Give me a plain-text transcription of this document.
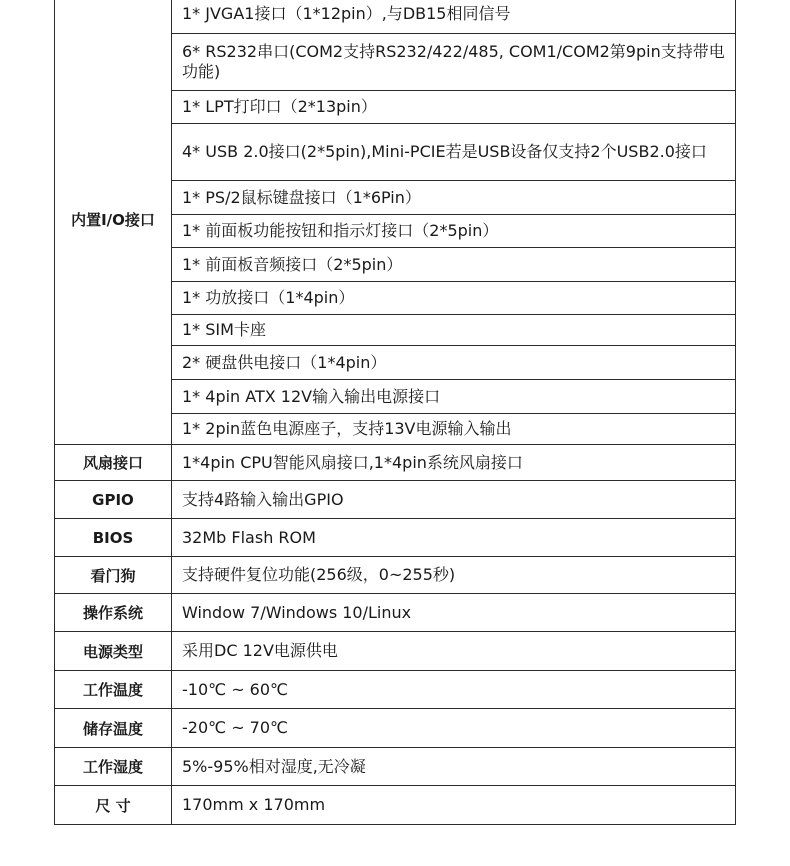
内置I/O接口	1* JVGA1接口（1*12pin）,与DB15相同信号
	6* RS232串口(COM2支持RS232/422/485, COM1/COM2第9pin支持带电功能)
	1* LPT打印口（2*13pin）
	4* USB 2.0接口(2*5pin),Mini-PCIE若是USB设备仅支持2个USB2.0接口
	1* PS/2鼠标键盘接口（1*6Pin）
	1* 前面板功能按钮和指示灯接口（2*5pin）
	1* 前面板音频接口（2*5pin）
	1* 功放接口（1*4pin）
	1* SIM卡座
	2* 硬盘供电接口（1*4pin）
	1* 4pin ATX 12V输入输出电源接口
	1* 2pin蓝色电源座子，支持13V电源输入输出
风扇接口	1*4pin CPU智能风扇接口,1*4pin系统风扇接口
GPIO	支持4路输入输出GPIO
BIOS	32Mb Flash ROM
看门狗	支持硬件复位功能(256级，0~255秒)
操作系统	Window 7/Windows 10/Linux
电源类型	采用DC 12V电源供电
工作温度	-10℃ ~ 60℃
储存温度	-20℃ ~ 70℃
工作湿度	5%-95%相对湿度,无冷凝
尺 寸	170mm x 170mm
